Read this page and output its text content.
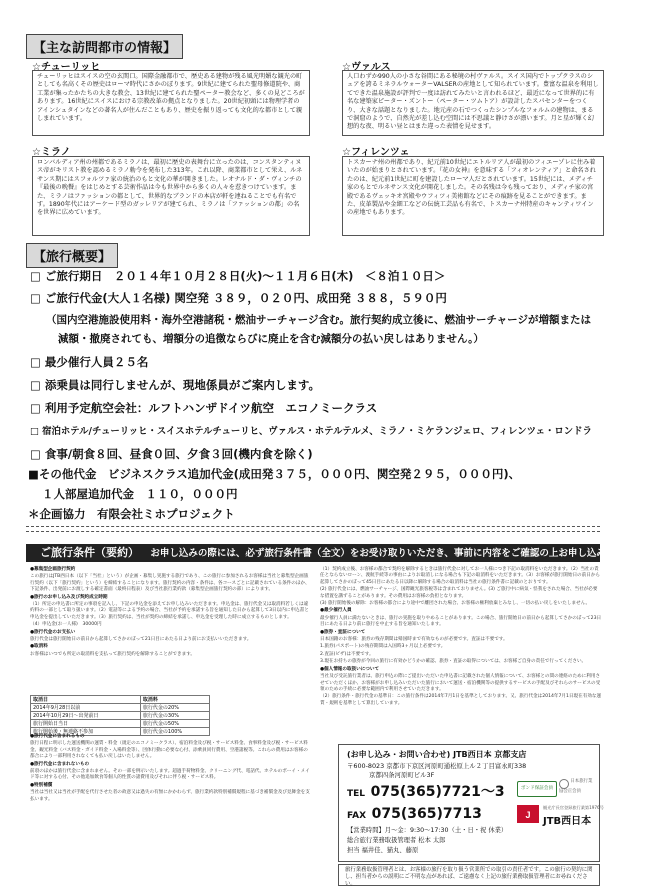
【主な訪問都市の情報】
☆チューリッヒ
チューリッヒはスイスの空の玄関口。国際金融都市で、歴史ある建物が残る風光明媚な観光の町としても名高くその歴史はローマ時代にさかのぼります。9世紀に建てられた聖母修道院や、商工業が集ったかたちの大きな教会、13世紀に建てられた聖ペーター教会など、多くの見どころがあります。16世紀にスイスにおける宗教改革の拠点となりました。20世紀初頭には物理学者のアインシュタインなどの著名人が住んだこともあり、歴史を振り返っても文化的な都市として親しまれています。
☆ヴァルス
人口わずか990人の小さな谷間にある秘境の村ヴァルス。スイス国内でトップクラスのシェアを誇るミネラルウォーターVALSERの産地として知られています。豊富な温泉を利用してできた温泉施設が評判で一度は訪れてみたいと言われるほど、最近になって世界的に有名な建築家ピーター・ズントー（ペーター・ツムトア）が設計したスパセンターをつくり、大きな話題となりました。地元産の石でつくったシンプルなフォルムの建物は、まるで洞窟のようで、自然光が差し込む空間には不思議と静けさが漂います。月と星が輝く幻想的な夜、明るい昼とはまた違った表情を見せます。
☆ミラノ
ロンバルディア州の州都であるミラノは、最初に歴史の表舞台に立ったのは、コンスタンティヌス帝がキリスト教を認めるミラノ勅令を発布した313年。これ以降、商業都市として栄え、ルネサンス期にはスフォルツァ家の統治のもと文化の華が開きました。レオナルド・ダ・ヴィンチの『最後の晩餐』をはじめとする芸術作品は今も世界中から多くの人々を惹きつけています。また、ミラノはファッションの都として、世界的なブランドの本店が軒を連ねることでも有名です。1890年代にはアーケード型のガッレリアが建てられ、ミラノは「ファッションの都」の名を世界に広めています。
☆フィレンツェ
トスカーナ州の州都であり、紀元前10世紀にエトルリア人が最初のフィエーゾレに住み着いたのが始まりとされています。『花の女神』を意味する「フィオレンティア」と命名されたのは、紀元前1世紀に町を建設したローマ人だとされています。15世紀には、メディチ家のもとでルネサンス文化が開花しました。その名残は今も残っており、メディチ家の宮殿であるヴェッキオ宮殿やウフィツィ美術館などにその痕跡を見ることができます。また、皮革製品や金細工などの伝統工芸品も有名で、トスカーナ州特産のキャンティワインの産地でもあります。
【旅行概要】
□ ご旅行期日　２０１４年１０月２８日(火)～１１月６日(木)　＜８泊１０日＞
□ ご旅行代金(大人１名様) 関空発 ３８９，０２０円、成田発 ３８８，５９０円
（国内空港施設使用料・海外空港諸税・燃油サーチャージ含む。旅行契約成立後に、燃油サーチャージが増額または
減額・撤廃されても、増額分の追徴ならびに廃止を含む減額分の払い戻しはありません。）
□ 最少催行人員２５名
□ 添乗員は同行しませんが、現地係員がご案内します。
□ 利用予定航空会社：ルフトハンザドイツ航空　エコノミークラス
□ 宿泊ホテル/チューリッヒ・スイスホテルチューリヒ、ヴァルス・ホテルテルメ、ミラノ・ミケランジェロ、フィレンツェ・ロンドラ
□ 食事/朝食８回、昼食０回、夕食３回(機内食を除く)
■その他代金　ビジネスクラス追加代金(成田発３７５，０００円、関空発２９５，０００円)、
１人部屋追加代金　１１０，０００円
＊企画協力　有限会社ミホプロジェクト
ご旅行条件（要約） お申し込みの際には、必ず旅行条件書（全文）をお受け取りいただき、事前に内容をご確認の上お申し込みください。

●募集型企画旅行契約

この旅行はJTB西日本（以下「当社」という）が企画・募集し実施する旅行であり、この旅行に参加されるお客様は当社と募集型企画旅行契約（以下「旅行契約」という）を締結することになります。旅行契約の内容・条件は、各コースごとに記載されている条件のほか、下記条件、出発前にお渡しする確定書面（最終日程表）及び当社旅行業約款（募集型企画旅行契約の部）によります。

●旅行のお申し込み及び契約成立時期

（1）所定の申込書に所定の事項を記入し、下記の申込金を添えてお申し込みいただきます。申込金は、旅行代金又は取消料若しくは違約料の一部として取り扱います。（2）電話等による予約の場合、当社が予約を承諾する旨を通知した日から起算して3日以内に申込書と申込金を提出していただきます。（3）旅行契約は、当社が契約の締結を承諾し、申込金を受理した時に成立するものとします。

（4）申込金(お一人様)　30000円

●旅行代金のお支払い

旅行代金は旅行開始日の前日から起算してさかのぼって21日目にあたる日より前にお支払いいただきます。

●取消料

お客様はいつでも所定の取消料を支払って旅行契約を解除することができます。

取消日	取消料
2014年9月28日以前	旅行代金の20%
2014年10月29日～出発前日	旅行代金の30%
旅行開始日当日	旅行代金の50%
旅行開始後・無連絡不参加	旅行代金の100%

●旅行代金に含まれるもの

旅行日程に明示した運送機関の運賃・料金（規定のエコノミークラス）、宿泊料金及び税・サービス料金、食事料金及び税・サービス料金、観光料金（バス料金・ガイド料金・入場料金等）、団体行動に必要な心付、添乗員同行費用、空港諸税等。これらの費用はお客様の都合により一部利用されなくても払い戻しはいたしません。

●旅行代金に含まれないもの

前項のほかは旅行代金に含まれません。その一部を例示いたします。超過手荷物料金、クリーニング代、電話代、ホテルのボーイ・メイド等に対する心付、その他追加飲食等個人的性質の諸費用及びそれに伴う税・サービス料。

●特別補償

当社は当社又は当社が手配を代行させた者の故意又は過失の有無にかかわらず、旅行業約款特別補償規程に基づき補償金及び見舞金を支払います。

（1）契約成立後、お客様の都合で契約を解除するときは旅行代金に対してお一人様につき下記の取消料をいただきます。（2）当社の責任とならないローン、渡航手続等の事由によりお取消しになる場合も下記の取消料をいただきます。（3）お客様が旅行開始日の前日から起算してさかのぼって45日目にあたる日以降に解除する場合の取消料は当社の旅行条件書に記載のとおりです。

(2) 旅行代金には、燃油サーチャージ、国際観光旅客税等は含まれておりません。(3) ご旅行中に病気・怪我をされた場合、当社が必要な措置を講ずることがあります。その費用はお客様の負担となります。

(3) 旅行開始後の解除：お客様の都合により途中で離団された場合、お客様の権利放棄とみなし、一切の払い戻しをいたしません。

●最少催行人員

最少催行人員に満たないときは、旅行の実施を取りやめることがあります。この場合、旅行開始日の前日から起算してさかのぼって23日目にあたる日より前に旅行を中止する旨を通知いたします。

●旅券・査証について

日本国籍のお客様：旅券の残存期間は帰国時まで有効なものが必要です。査証は不要です。

1.旅券(パスポート)の残存期間は入国時3ヶ月以上必要です。

2.査証(ビザ)は不要です。

3.現在お持ちの旅券が今回の旅行に有効かどうかの確認、旅券・査証の取得については、お客様ご自身の責任で行ってください。

●個人情報の取扱いについて

当社及び受託旅行業者は、旅行申込の際にご提出いただいた申込書に記載された個人情報について、お客様との間の連絡のために利用させていただくほか、お客様がお申し込みいただいた旅行において運送・宿泊機関等の提供するサービスの手配及びそれらのサービスの受領のための手続に必要な範囲内で利用させていただきます。

（2）旅行条件・旅行代金の基準日：この旅行条件は2014年7月1日を基準としております。又、旅行代金は2014年7月1日現在有効な運賃・規則を基準として算出しています。

(お申し込み・お問い合わせ) JTB西日本 京都支店
〒600-8023 京都市下京区河原町通松原上ル２丁目富永町338
京都四条河原町ビル3F
TEL 075(365)7721～3
FAX 075(365)7713
【営業時間】月～金：9:30～17:30（土・日・祝 休業）
総合旅行業務取扱管理者 松本 太郎
担当 福井佳、猫丸、藤原
ボンド保証会員
日本旅行業協会正会員
J
観光庁長官登録旅行業第1976号
JTB西日本
旅行業務取扱管理者とは、お客様の旅行を取り扱う営業所での取引の責任者です。この旅行の契約に関し、担当者からの説明にご不明な点があれば、ご遠慮なく上記の旅行業務取扱管理者にお尋ねください。
